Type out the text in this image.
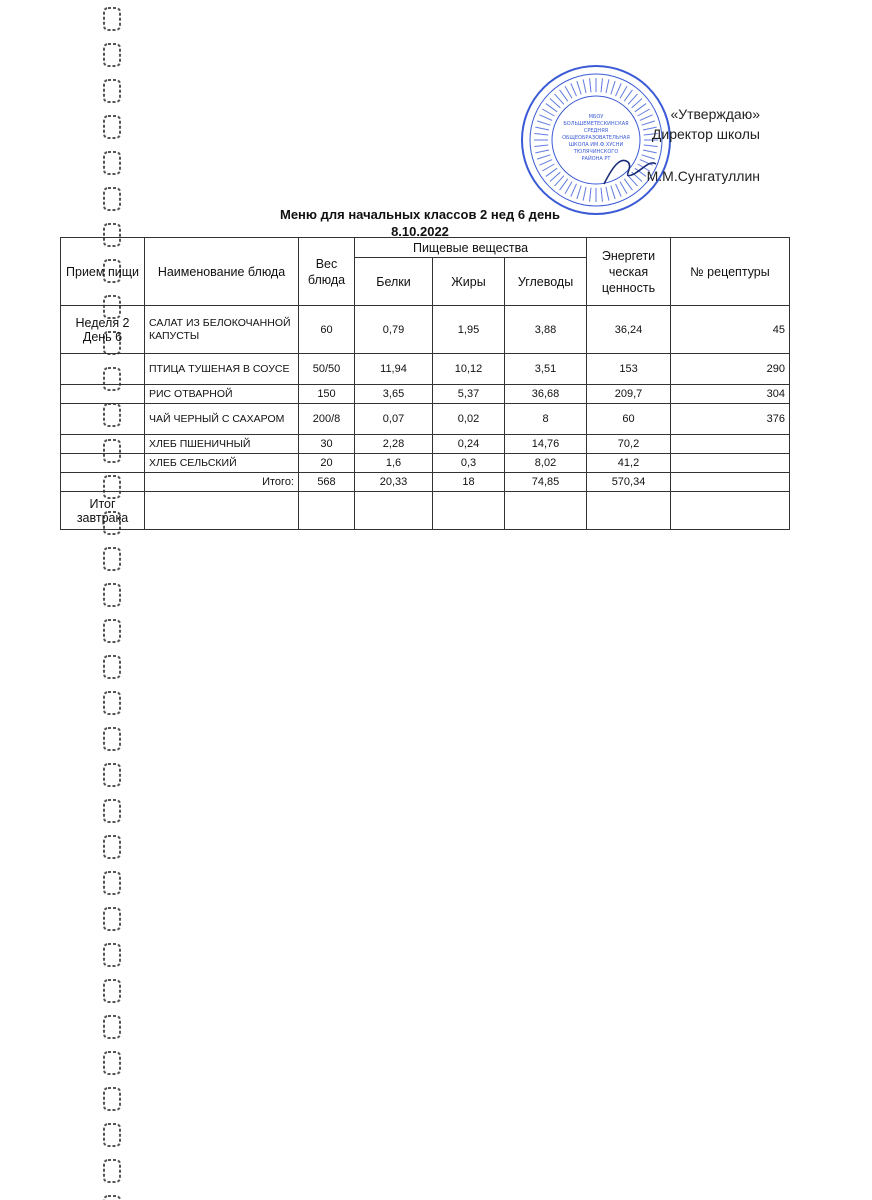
МБОУ
БОЛЬШЕМЕТЕСКИНСКАЯ
СРЕДНЯЯ
ОБЩЕОБРАЗОВАТЕЛЬНАЯ
ШКОЛА ИМ.Ф.ХУСНИ
ТЮЛЯЧИНСКОГО
РАЙОНА РТ
«Утверждаю»
Директор школы
М.М.Сунгатуллин
Меню для начальных классов 2 нед 6 день
8.10.2022
Прием пищи	Наименование блюда	Вес блюда	Пищевые вещества			Энергети ческая ценность	№ рецептуры
			Белки	Жиры	Углеводы		
Неделя 2 День 6	САЛАТ ИЗ БЕЛОКОЧАННОЙ КАПУСТЫ	60	0,79	1,95	3,88	36,24	45
	ПТИЦА ТУШЕНАЯ В СОУСЕ	50/50	11,94	10,12	3,51	153	290
	РИС ОТВАРНОЙ	150	3,65	5,37	36,68	209,7	304
	ЧАЙ ЧЕРНЫЙ С САХАРОМ	200/8	0,07	0,02	8	60	376
	ХЛЕБ ПШЕНИЧНЫЙ	30	2,28	0,24	14,76	70,2	
	ХЛЕБ СЕЛЬСКИЙ	20	1,6	0,3	8,02	41,2	
	Итого:	568	20,33	18	74,85	570,34	
Итог завтрака							
